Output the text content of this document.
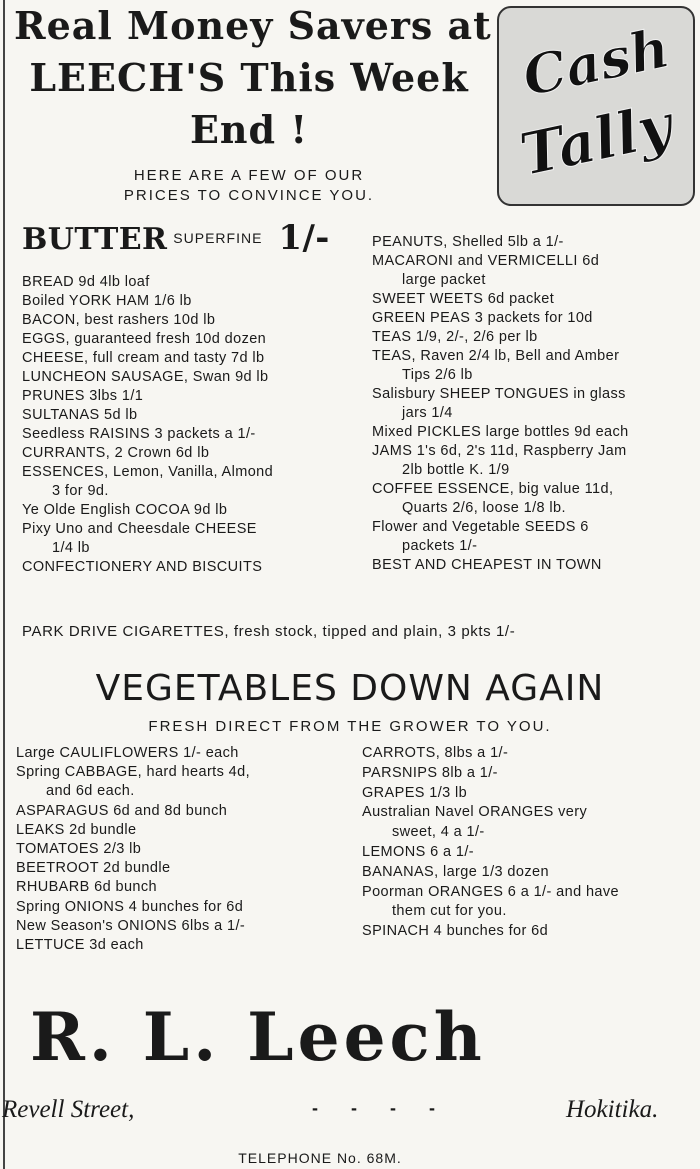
Real Money Savers at
LEECH'S This Week
End !
HERE ARE A FEW OF OUR
PRICES TO CONVINCE YOU.
Cash
Tally
BUTTER SUPERFINE 1/-
BREAD 9d 4lb loaf
Boiled YORK HAM 1/6 lb
BACON, best rashers 10d lb
EGGS, guaranteed fresh 10d dozen
CHEESE, full cream and tasty 7d lb
LUNCHEON SAUSAGE, Swan 9d lb
PRUNES 3lbs 1/1
SULTANAS 5d lb
Seedless RAISINS 3 packets a 1/-
CURRANTS, 2 Crown 6d lb
ESSENCES, Lemon, Vanilla, Almond
3 for 9d.
Ye Olde English COCOA 9d lb
Pixy Uno and Cheesdale CHEESE
1/4 lb
CONFECTIONERY AND BISCUITS
PEANUTS, Shelled 5lb a 1/-
MACARONI and VERMICELLI 6d
large packet
SWEET WEETS 6d packet
GREEN PEAS 3 packets for 10d
TEAS 1/9, 2/-, 2/6 per lb
TEAS, Raven 2/4 lb, Bell and Amber
Tips 2/6 lb
Salisbury SHEEP TONGUES in glass
jars 1/4
Mixed PICKLES large bottles 9d each
JAMS 1's 6d, 2's 11d, Raspberry Jam
2lb bottle K. 1/9
COFFEE ESSENCE, big value 11d,
Quarts 2/6, loose 1/8 lb.
Flower and Vegetable SEEDS 6
packets 1/-
BEST AND CHEAPEST IN TOWN
PARK DRIVE CIGARETTES, fresh stock, tipped and plain, 3 pkts 1/-
VEGETABLES DOWN AGAIN
FRESH DIRECT FROM THE GROWER TO YOU.
Large CAULIFLOWERS 1/- each
Spring CABBAGE, hard hearts 4d,
and 6d each.
ASPARAGUS 6d and 8d bunch
LEAKS 2d bundle
TOMATOES 2/3 lb
BEETROOT 2d bundle
RHUBARB 6d bunch
Spring ONIONS 4 bunches for 6d
New Season's ONIONS 6lbs a 1/-
LETTUCE 3d each
CARROTS, 8lbs a 1/-
PARSNIPS 8lb a 1/-
GRAPES 1/3 lb
Australian Navel ORANGES very
sweet, 4 a 1/-
LEMONS 6 a 1/-
BANANAS, large 1/3 dozen
Poorman ORANGES 6 a 1/- and have
them cut for you.
SPINACH 4 bunches for 6d
R. L. Leech
Revell Street,	- - - -	Hokitika.
TELEPHONE No. 68M.
